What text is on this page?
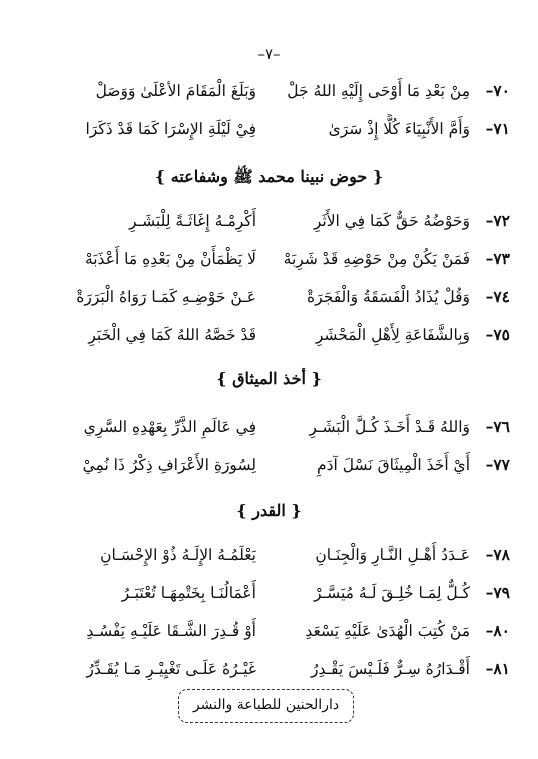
–٧–
٧٠ –
مِنْ بَعْدِ مَا أَوْحَى إِلَيْهِ اللهُ جَلْ
وَبَلَغَ الْمَقَامَ الأعْلَىٰ وَوَصَلْ
٧١ –
وَأَمَّ الأَنْبِيَاءَ كُلًّا إِذْ سَرَىٰ
فِيْ لَيْلَةِ الإِسْرَا كَمَا قَدْ ذَكَرَا
{ حوض نبينا محمد ﷺ وشفاعته }
٧٢ –
وَحَوْضُهُ حَقٌّ كَمَا فِي الأَثَرِ
أَكْرِمْـهُ إِغَاثَـةً لِلْبَشَـرِ
٧٣ –
فَمَنْ يَكُنْ مِنْ حَوْضِهِ قَدْ شَرِبَهْ
لَا يَظْمَأَنْ مِنْ بَعْدِهِ مَا أَعْذَبَهْ
٧٤ –
وَقُلْ يُذَادُ الْفَسَقَةُ وَالْفَجَرَةْ
عَـنْ حَوْضِـهِ كَمَـا رَوَاهُ الْبَرَرَةْ
٧٥ –
وَبِالشَّفَاعَةِ لِأَهْلِ الْمَحْشَرِ
قَدْ خَصَّهُ اللهُ كَمَا فِي الْخَبَرِ
{ أخذ الميثاق }
٧٦ –
وَاللهُ قَـدْ أَخَـذَ كُـلَّ الْبَشَـرِ
فِي عَالَمِ الذَّرِّ بِعَهْدِهِ السَّرِي
٧٧ –
أَيْ أَخَذَ الْمِيثَاقَ نَسْلَ آدَمِ
لِسُورَةِ الأَعْرَافِ ذِكْرُ ذَا نُمِيْ
{ القدر }
٧٨ –
عَـدَدُ أَهْـلِ النَّـارِ وَالْجِنَـانِ
يَعْلَمُـهُ الإِلَـهُ ذُوْ الإِحْسَـانِ
٧٩ –
كُـلٌّ لِمَـا خُلِـقَ لَـهُ مُيَسَّـرْ
أَعْمَالُنَـا بِخَتْمِهَـا تُعْتَبَـرُ
٨٠ –
مَنْ كُتِبَ الْهُدَىٰ عَلَيْهِ يَسْعَدِ
أَوْ قُـدِرَ الشَّـقَا عَلَيْـهِ يَفْسُـدِ
٨١ –
أَقْـدَارُهُ سِـرٌّ فَلَـيْسَ يَقْـدِرُ
غَيْـرُهُ عَلَـى تَغْيِيْـرِ مَـا يُقَـدِّرُ
دارالحنين للطباعة والنشر
